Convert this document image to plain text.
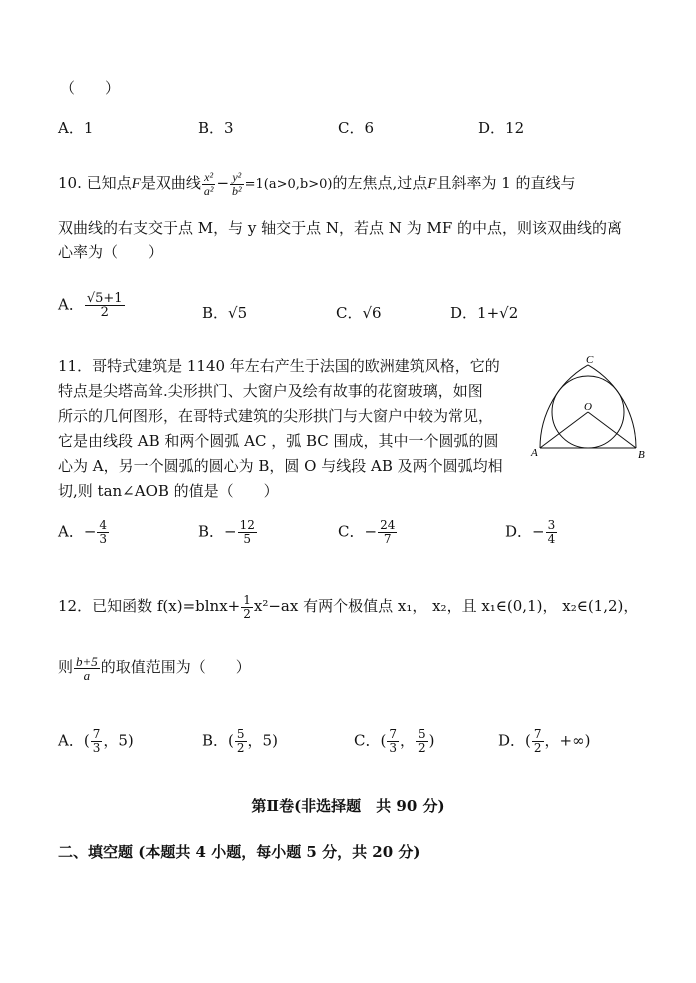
（　　）
A．1	B．3	C．6	D．12
10. 已知点F是双曲线 $\frac{\text{x²}}{\text{a²}} - \frac{\text{y²}}{\text{b²}} =1(a>0,b>0)$的左焦点,过点F且斜率为 1 的直线与
双曲线的右支交于点 M，与 y 轴交于点 N，若点 N 为 MF 的中点，则该双曲线的离
心率为（　　）
A． $\frac{√5+1}{2}$	B．√5	C．√6	D．1+√2
11．哥特式建筑是 1140 年左右产生于法国的欧洲建筑风格，它的
特点是尖塔高耸.尖形拱门、大窗户及绘有故事的花窗玻璃，如图
所示的几何图形，在哥特式建筑的尖形拱门与大窗户中较为常见，
它是由线段 AB 和两个圆弧 AC ，弧 BC 围成，其中一个圆弧的圆
心为 A，另一个圆弧的圆心为 B，圆 O 与线段 AB 及两个圆弧均相
切,则 tan∠AOB 的值是（　　）
C
O
A	B
A．− $\frac{4}{3}$	B．− $\frac{12}{5}$	C．− $\frac{24}{7}$	D．− $\frac{3}{4}$
12．已知函数 $f(x)=blnx+ \frac{1}{2} x^2-ax$ 有两个极值点 x₁， x₂，且 x₁∈(0,1)， x₂∈(1,2)，
则 $\frac{b+5}{a}$ 的取值范围为（　　）
A．( $\frac{7}{3}$ ，5)	B．( $\frac{5}{2}$ ，5)	C．( $\frac{7}{3}$ ， $\frac{5}{2}$ )	D．( $\frac{7}{2}$ ，+∞)
第Ⅱ卷(非选择题　共 90 分)
二、填空题 (本题共 4 小题，每小题 5 分，共 20 分)
